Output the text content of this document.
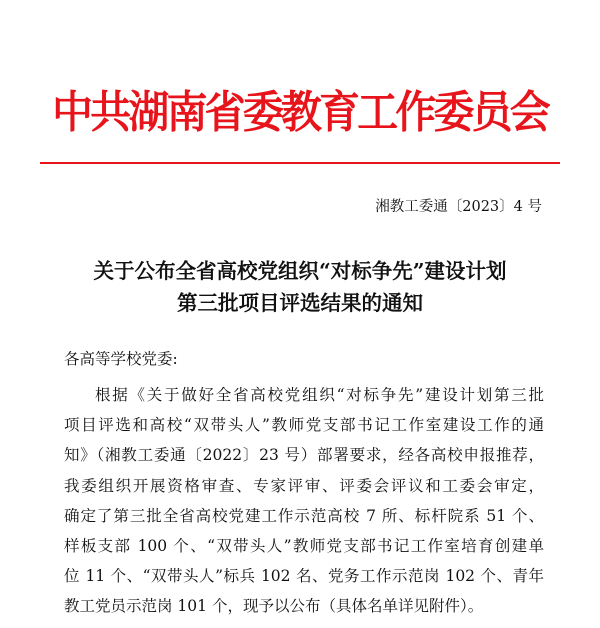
中共湖南省委教育工作委员会
湘教工委通〔2023〕4 号
关于公布全省高校党组织“对标争先”建设计划
第三批项目评选结果的通知
各高等学校党委:
根据《关于做好全省高校党组织“对标争先”建设计划第三批
项目评选和高校“双带头人”教师党支部书记工作室建设工作的通
知》（湘教工委通〔2022〕23 号）部署要求，经各高校申报推荐，
我委组织开展资格审查、专家评审、评委会评议和工委会审定，
确定了第三批全省高校党建工作示范高校 7 所、标杆院系 51 个、
样板支部 100 个、“双带头人”教师党支部书记工作室培育创建单
位 11 个、“双带头人”标兵 102 名、党务工作示范岗 102 个、青年
教工党员示范岗 101 个，现予以公布（具体名单详见附件）。
